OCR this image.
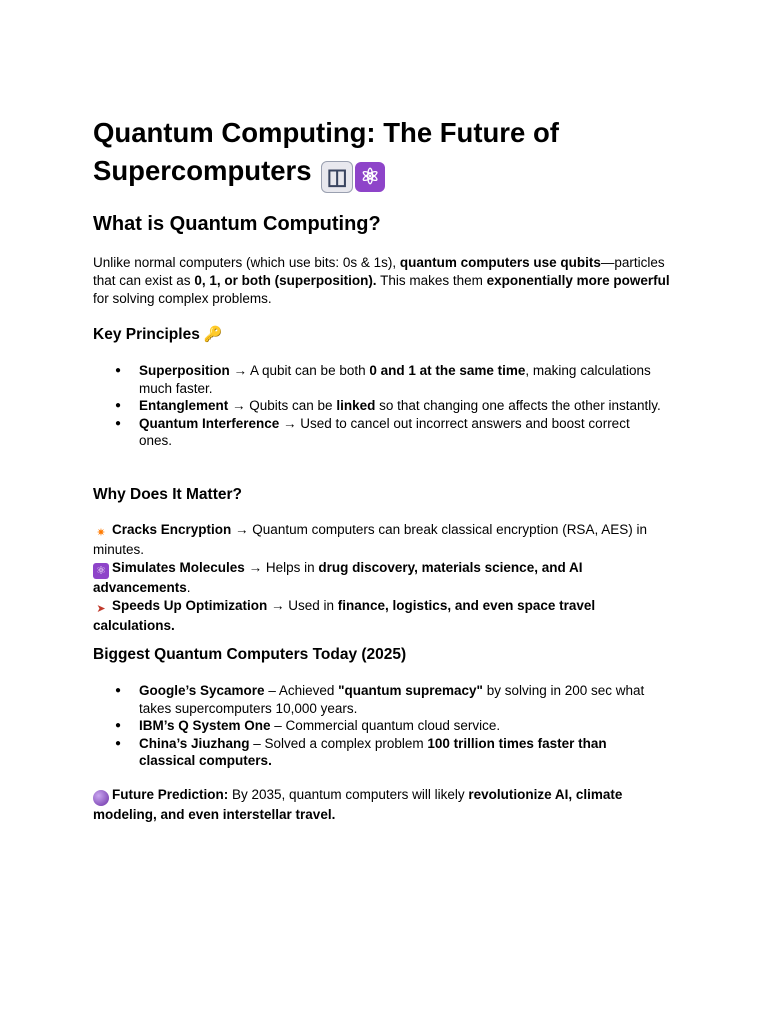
Quantum Computing: The Future of Supercomputers ◫ ⚛
What is Quantum Computing?

Unlike normal computers (which use bits: 0s & 1s), quantum computers use qubits—particles that can exist as 0, 1, or both (superposition). This makes them exponentially more powerful for solving complex problems.

Key Principles 🔑
● Superposition → A qubit can be both 0 and 1 at the same time, making calculations much faster.
● Entanglement → Qubits can be linked so that changing one affects the other instantly.
● Quantum Interference → Used to cancel out incorrect answers and boost correct ones.
Why Does It Matter?

✷ Cracks Encryption → Quantum computers can break classical encryption (RSA, AES) in minutes.
⚛ Simulates Molecules → Helps in drug discovery, materials science, and AI advancements.
➤ Speeds Up Optimization → Used in finance, logistics, and even space travel calculations.

Biggest Quantum Computers Today (2025)
● Google’s Sycamore – Achieved "quantum supremacy" by solving in 200 sec what takes supercomputers 10,000 years.
● IBM’s Q System One – Commercial quantum cloud service.
● China’s Jiuzhang – Solved a complex problem 100 trillion times faster than classical computers.

Future Prediction: By 2035, quantum computers will likely revolutionize AI, climate modeling, and even interstellar travel.
